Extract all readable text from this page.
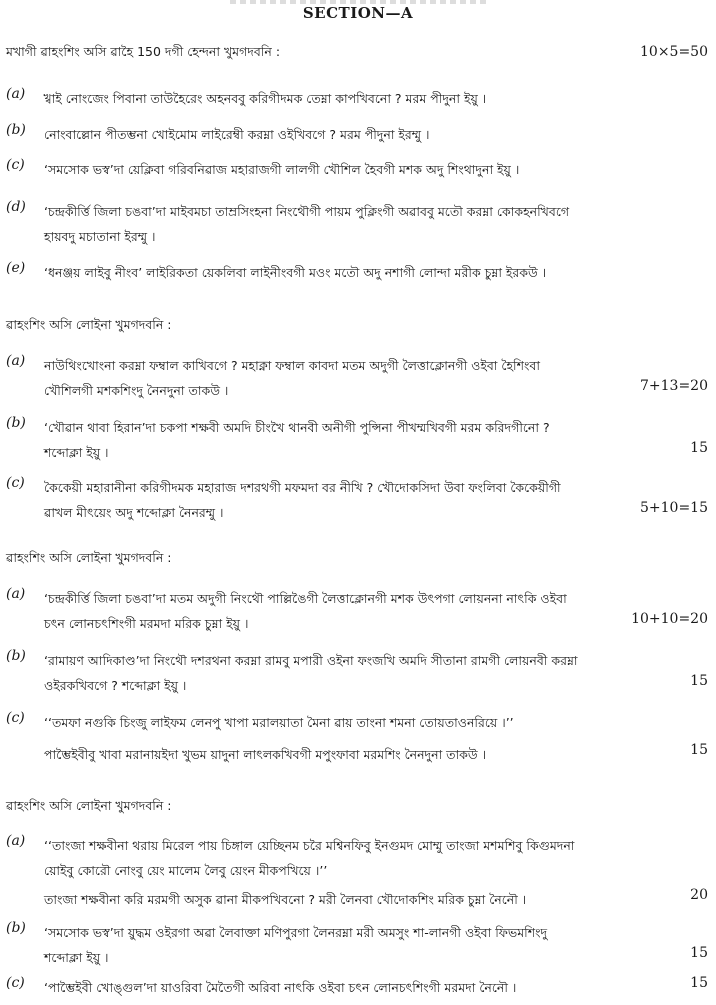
SECTION—A
মখাগী ৱাহংশিং অসি ৱাহৈ 150 দগী হেন্দনা খুমগদবনি :	10×5=50
(a) খ্বাই নোংজেং পিবানা তাউহৈরেং অহনববু করিগীদমক তেম্না কাপখিবনো ? মরম পীদুনা ইয়ু ।
(b) নোংবাল্লোন পীতম্ভনা খোইমোম লাইরেম্বী করম্না ওইখিবগে ? মরম পীদুনা ইরম্মু ।
(c) ‘সমসোক ভস্ব’দা য়েক্লিবা গরিবনিৱাজ মহারাজগী লালগী খৌশিল হৈবগী মশক অদু শিংথাদুনা ইয়ু ।
(d) ‘চন্দ্রকীর্ত্তি জিলা চঙবা’দা মাইবমচা তাম্রসিংহনা নিংথৌগী পায়ম পুক্লিংগী অৱাববু মতৌ করম্না কোকহনখিবগে
হায়বদু মচাতানা ইরম্মু ।
(e) ‘ধনঞ্জয় লাইবু নীংব’ লাইরিকতা য়েকলিবা লাইনীংবগী মওং মতৌ অদু নশাগী লোন্দা মরীক চুম্না ইরকউ ।
ৱাহংশিং অসি লোইনা খুমগদবনি :
(a) নাউথিংখোংনা করম্না ফম্বাল কাখিবগে ? মহাক্না ফম্বাল কাবদা মতম অদুগী লৈত্তাক্লোনগী ওইবা হৈশিংবা
খৌশিলগী মশকশিংদু নৈনদুনা তাকউ ।	7+13=20
(b) ‘খৌৱান থাবা হিরান’দা চকপা শক্ষবী অমদি চীংখৈ থানবী অনীগী পুন্সিনা পীখম্মখিবগী মরম করিদগীনো ?
শব্দোক্লা ইয়ু ।	15
(c) কৈকেয়ী মহারানীনা করিগীদমক মহারাজ দশরথগী মফমদা বর নীখি ? খৌদোকসিদা উবা ফংলিবা কৈকেয়ীগী
ৱাখল মীৎয়েং অদু শব্দোক্লা নৈনরম্মু ।	5+10=15
ৱাহংশিং অসি লোইনা খুমগদবনি :
(a) ‘চন্দ্রকীর্ত্তি জিলা চঙবা’দা মতম অদুগী নিংথৌ পাল্লিঙৈগী লৈত্তাক্লোনগী মশক উৎপগা লোয়ননা নাৎকি ওইবা
চৎন লোনচৎশিংগী মরমদা মরিক চুম্না ইয়ু ।	10+10=20
(b) ‘রামায়ণ আদিকাণ্ড’দা নিংথৌ দশরথনা করম্না রামবু মপারী ওইনা ফংজখি অমদি সীতানা রামগী লোয়নবী করম্না
ওইরকখিবগে ? শব্দোক্লা ইয়ু ।	15
(c) ‘‘তমফা নগুকি চিংজু লাইফম লেনপু খাপা মরালয়াতা মৈনা ৱায় তাংনা শমনা তোয়তাওনরিয়ে ।’’
পাম্ভৈইবীবু খাবা মরানায়ইদা খুভম য়াদুনা লাৎলকখিবগী মপুংফাবা মরমশিং নৈনদুনা তাকউ ।	15
ৱাহংশিং অসি লোইনা খুমগদবনি :
(a) ‘‘তাংজা শক্ষবীনা থরায় মিরেল পায় চিঙ্গাল য়েচ্ছিনম চরৈ মশ্বিনফিবু ইনগুমদ মোম্মু তাংজা মশমশিবু কিগুমদনা
য়োইবু কোরৌ নোংবু য়েং মালেম লৈবু য়েংন মীকপখিয়ে ।’’
তাংজা শক্ষবীনা করি মরমগী অসুক ৱানা মীকপখিবনো ? মরী লৈনবা খৌদোকশিং মরিক চুম্না নৈনৌ ।	20
(b) ‘সমসোক ভস্ব’দা য়ুদ্ধম ওইরগা অৱা লৈবাক্তা মণিপুরগা লৈনরম্না মরী অমসুং শা-লানগী ওইবা ফিভমশিংদু
শব্দোক্লা ইয়ু ।	15
(c) ‘পাম্ভৈইবী খোঙ্গুল’দা য়াওরিবা মৈতৈগী অরিবা নাৎকি ওইবা চৎন লোনচৎশিংগী মরমদা নৈনৌ ।	15
